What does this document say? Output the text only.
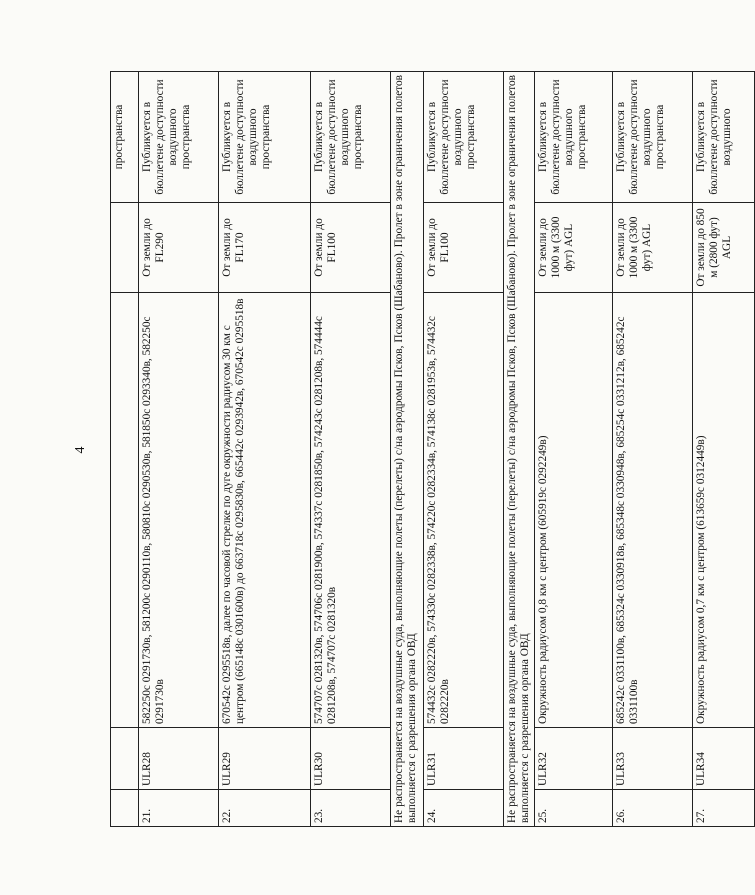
4
				пространства
21.	ULR28	582250с 0291730в, 581200с 0290110в, 580810с 0290530в, 581850с 0293340в, 582250с 0291730в	От земли до FL290	Публикуется в бюллетене доступности воздушного пространства
22.	ULR29	670542с 0295518в, далее по часовой стрелке по дуге окружности радиусом 30 км с центром (665148с 0301600в) до 663718с 0295830в, 665442с 0293942в, 670542с 0295518в	От земли до FL170	Публикуется в бюллетене доступности воздушного пространства
23.	ULR30	574707с 0281320в, 574706с 0281900в, 574337с 0281850в, 574243с 0281208в, 574444с 0281208в, 574707с 0281320в	От земли до FL100	Публикуется в бюллетене доступности воздушного пространства
Не распространяется на воздушные суда, выполняющие полеты (перелеты) с/на аэродромы Псков, Псков (Шабаново). Пролет в зоне ограничения полетов выполняется с разрешения органа ОВД				
24.	ULR31	574432с 0282220в, 574330с 0282338в, 574220с 0282334в, 574138с 0281953в, 574432с 0282220в	От земли до FL100	Публикуется в бюллетене доступности воздушного пространства
Не распространяется на воздушные суда, выполняющие полеты (перелеты) с/на аэродромы Псков, Псков (Шабаново). Пролет в зоне ограничения полетов выполняется с разрешения органа ОВД				
25.	ULR32	Окружность радиусом 0,8 км с центром (605919с 0292249в)	От земли до 1000 м (3300 фут) AGL	Публикуется в бюллетене доступности воздушного пространства
26.	ULR33	685242с 0331100в, 685324с 0330918в, 685348с 0330948в, 685254с 0331212в, 685242с 0331100в	От земли до 1000 м (3300 фут) AGL	Публикуется в бюллетене доступности воздушного пространства
27.	ULR34	Окружность радиусом 0,7 км с центром (613659с 0312449в)	От земли до 850 м (2800 фут) AGL	Публикуется в бюллетене доступности воздушного
